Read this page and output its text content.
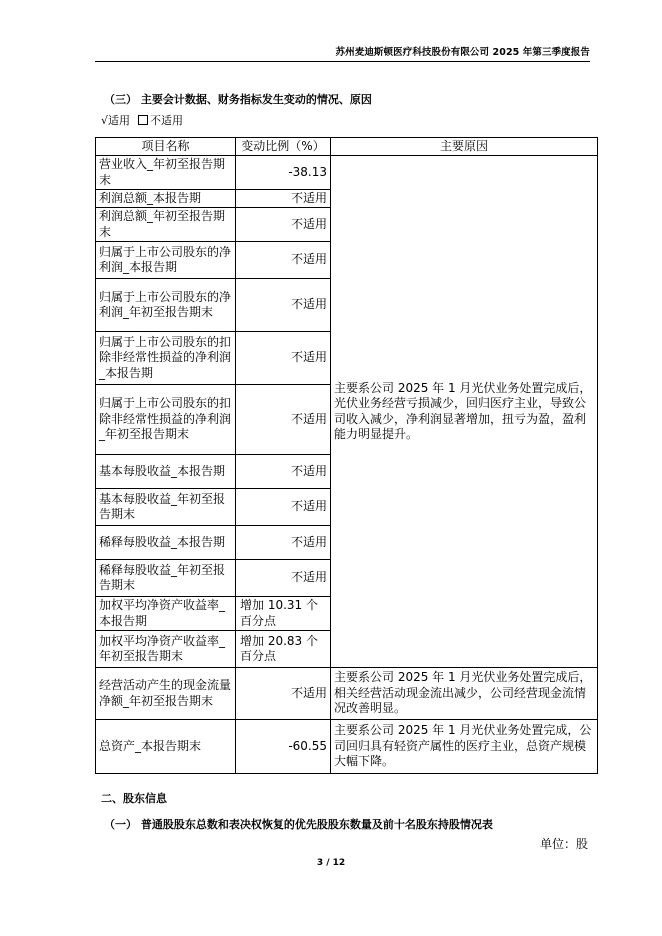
苏州麦迪斯顿医疗科技股份有限公司 2025 年第三季度报告
（三） 主要会计数据、财务指标发生变动的情况、原因
√适用 不适用
项目名称	变动比例（%）	主要原因
营业收入_年初至报告期末	-38.13	主要系公司 2025 年 1 月光伏业务处置完成后，光伏业务经营亏损减少，回归医疗主业，导致公司收入减少，净利润显著增加，扭亏为盈，盈利能力明显提升。
利润总额_本报告期	不适用	
利润总额_年初至报告期末	不适用	
归属于上市公司股东的净利润_本报告期	不适用	
归属于上市公司股东的净利润_年初至报告期末	不适用	
归属于上市公司股东的扣除非经常性损益的净利润_本报告期	不适用	
归属于上市公司股东的扣除非经常性损益的净利润_年初至报告期末	不适用	
基本每股收益_本报告期	不适用	
基本每股收益_年初至报告期末	不适用	
稀释每股收益_本报告期	不适用	
稀释每股收益_年初至报告期末	不适用	
加权平均净资产收益率_本报告期	增加 10.31 个百分点	
加权平均净资产收益率_年初至报告期末	增加 20.83 个百分点	
经营活动产生的现金流量净额_年初至报告期末	不适用	主要系公司 2025 年 1 月光伏业务处置完成后，相关经营活动现金流出减少，公司经营现金流情况改善明显。
总资产_本报告期末	-60.55	主要系公司 2025 年 1 月光伏业务处置完成，公司回归具有轻资产属性的医疗主业，总资产规模大幅下降。
二、股东信息
（一） 普通股股东总数和表决权恢复的优先股股东数量及前十名股东持股情况表
单位：股
3 / 12
